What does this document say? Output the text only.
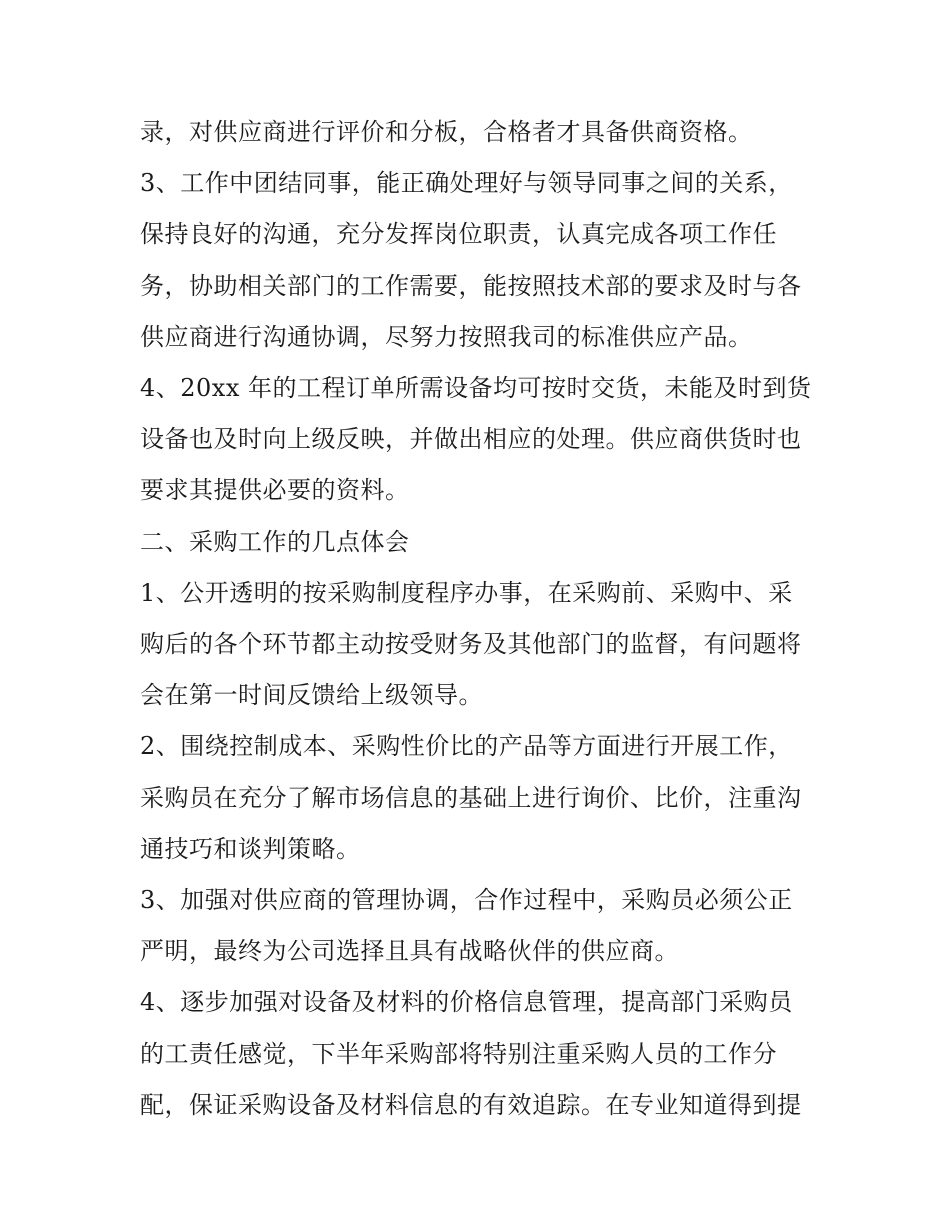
录，对供应商进行评价和分板，合格者才具备供商资格。

3、工作中团结同事，能正确处理好与领导同事之间的关系，
保持良好的沟通，充分发挥岗位职责，认真完成各项工作任
务，协助相关部门的工作需要，能按照技术部的要求及时与各
供应商进行沟通协调，尽努力按照我司的标准供应产品。

4、20xx 年的工程订单所需设备均可按时交货，未能及时到货
设备也及时向上级反映，并做出相应的处理。供应商供货时也
要求其提供必要的资料。

二、采购工作的几点体会

1、公开透明的按采购制度程序办事，在采购前、采购中、采
购后的各个环节都主动按受财务及其他部门的监督，有问题将
会在第一时间反馈给上级领导。

2、围绕控制成本、采购性价比的产品等方面进行开展工作，
采购员在充分了解市场信息的基础上进行询价、比价，注重沟
通技巧和谈判策略。

3、加强对供应商的管理协调，合作过程中，采购员必须公正
严明，最终为公司选择且具有战略伙伴的供应商。

4、逐步加强对设备及材料的价格信息管理，提高部门采购员
的工责任感觉，下半年采购部将特别注重采购人员的工作分
配，保证采购设备及材料信息的有效追踪。在专业知道得到提
